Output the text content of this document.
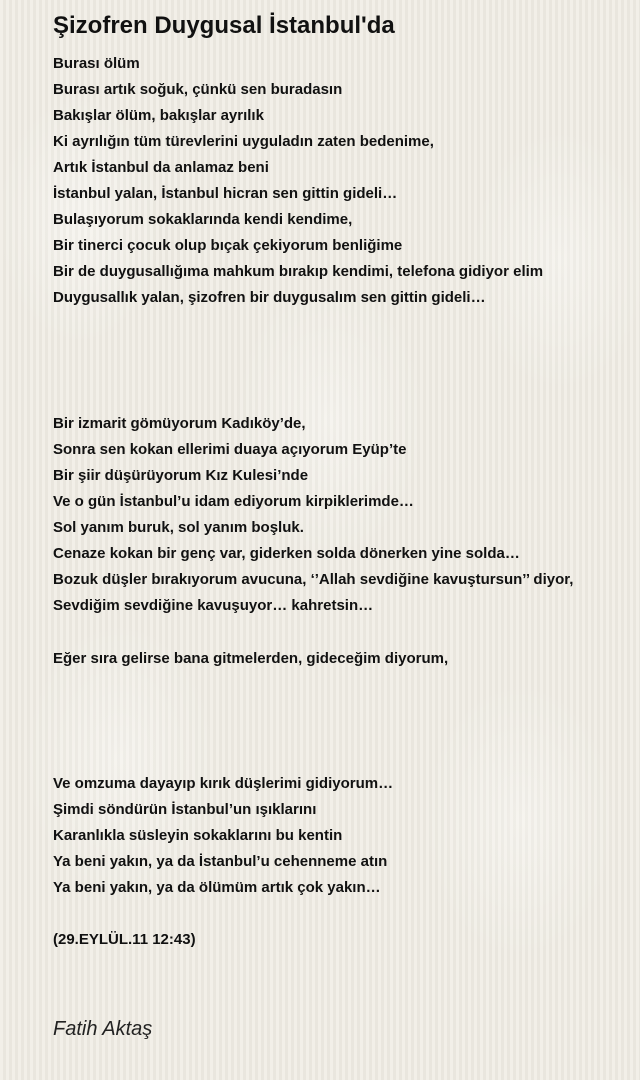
Şizofren Duygusal İstanbul'da
Burası ölüm
Burası artık soğuk, çünkü sen buradasın
Bakışlar ölüm, bakışlar ayrılık
Ki ayrılığın tüm türevlerini uyguladın zaten bedenime,
Artık İstanbul da anlamaz beni
İstanbul yalan, İstanbul hicran sen gittin gideli…
Bulaşıyorum sokaklarında kendi kendime,
Bir tinerci çocuk olup bıçak çekiyorum benliğime
Bir de duygusallığıma mahkum bırakıp kendimi, telefona gidiyor elim
Duygusallık yalan, şizofren bir duygusalım sen gittin gideli…
Bir izmarit gömüyorum Kadıköy’de,
Sonra sen kokan ellerimi duaya açıyorum Eyüp’te
Bir şiir düşürüyorum Kız Kulesi’nde
Ve o gün İstanbul’u idam ediyorum kirpiklerimde…
Sol yanım buruk, sol yanım boşluk.
Cenaze kokan bir genç var, giderken solda dönerken yine solda…
Bozuk düşler bırakıyorum avucuna, ‘’Allah sevdiğine kavuştursun’’ diyor,
Sevdiğim sevdiğine kavuşuyor… kahretsin…
Eğer sıra gelirse bana gitmelerden, gideceğim diyorum,
Ve omzuma dayayıp kırık düşlerimi gidiyorum…
Şimdi söndürün İstanbul’un ışıklarını
Karanlıkla süsleyin sokaklarını bu kentin
Ya beni yakın, ya da İstanbul’u cehenneme atın
Ya beni yakın, ya da ölümüm artık çok yakın…
(29.EYLÜL.11 12:43)
Fatih Aktaş
